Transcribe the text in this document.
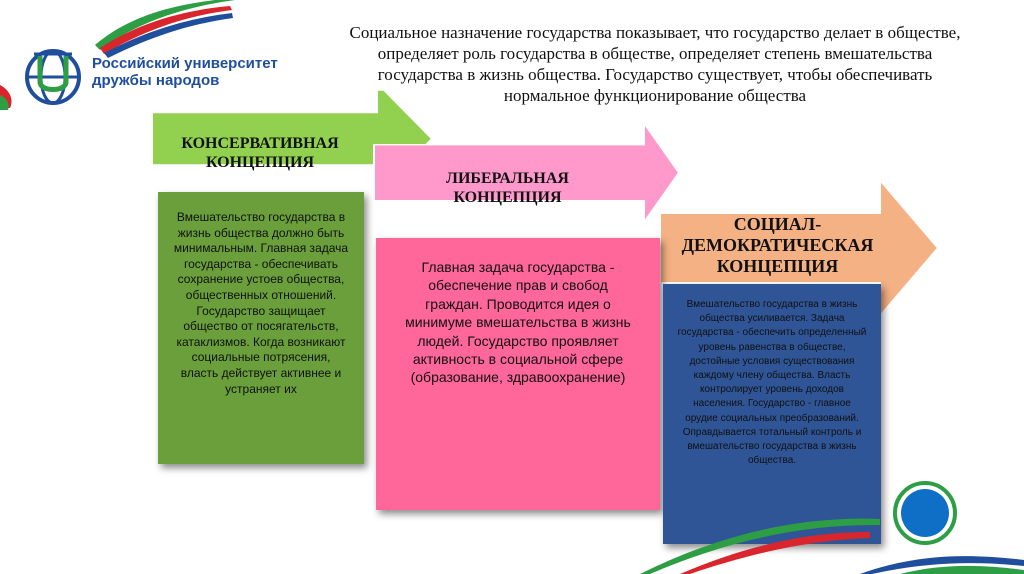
Российский университет
дружбы народов
Социальное назначение государства показывает, что государство делает в обществе, определяет роль государства в обществе, определяет степень вмешательства государства в жизнь общества. Государство существует, чтобы обеспечивать нормальное функционирование общества
КОНСЕРВАТИВНАЯ КОНЦЕПЦИЯ
ЛИБЕРАЛЬНАЯ КОНЦЕПЦИЯ
СОЦИАЛ-ДЕМОКРАТИЧЕСКАЯ КОНЦЕПЦИЯ
Вмешательство государства в жизнь общества должно быть минимальным. Главная задача государства - обеспечивать сохранение устоев общества, общественных отношений. Государство защищает общество от посягательств, катаклизмов. Когда возникают социальные потрясения, власть действует активнее и устраняет их
Главная задача государства - обеспечение прав и свобод граждан. Проводится идея о минимуме вмешательства в жизнь людей. Государство проявляет активность в социальной сфере (образование, здравоохранение)
Вмешательство государства в жизнь общества усиливается. Задача государства - обеспечить определенный уровень равенства в обществе, достойные условия существования каждому члену общества. Власть контролирует уровень доходов населения. Государство - главное орудие социальных преобразований. Оправдывается тотальный контроль и вмешательство государства в жизнь общества.
